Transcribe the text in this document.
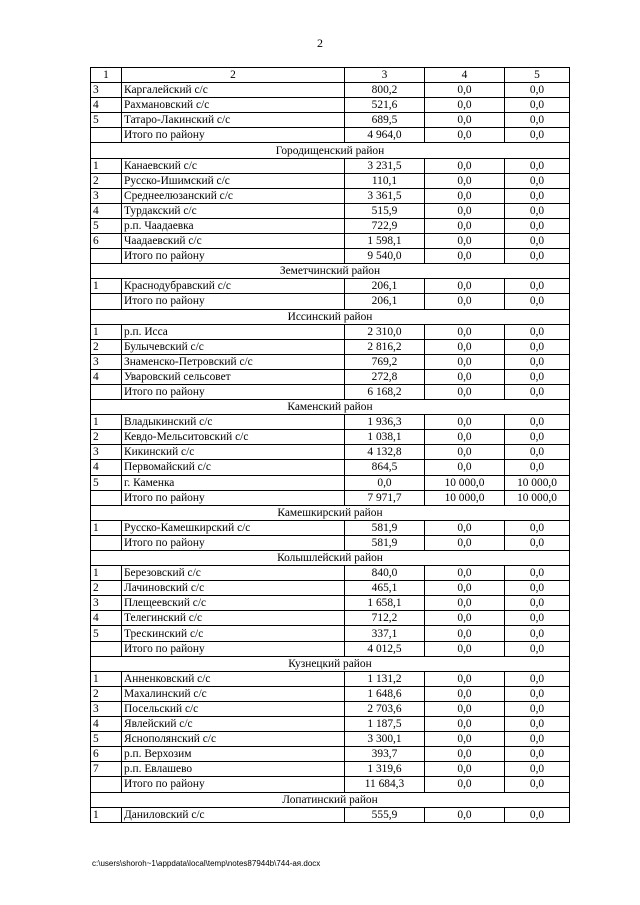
2
1	2	3	4	5
3	Каргалейский с/с	800,2	0,0	0,0
4	Рахмановский с/с	521,6	0,0	0,0
5	Татаро-Лакинский с/с	689,5	0,0	0,0
	Итого по району	4 964,0	0,0	0,0
Городищенский район				
1	Канаевский с/с	3 231,5	0,0	0,0
2	Русско-Ишимский с/с	110,1	0,0	0,0
3	Среднеелюзанский с/с	3 361,5	0,0	0,0
4	Турдакский с/с	515,9	0,0	0,0
5	р.п. Чаадаевка	722,9	0,0	0,0
6	Чаадаевский с/с	1 598,1	0,0	0,0
	Итого по району	9 540,0	0,0	0,0
Земетчинский район				
1	Краснодубравский с/с	206,1	0,0	0,0
	Итого по району	206,1	0,0	0,0
Иссинский район				
1	р.п. Исса	2 310,0	0,0	0,0
2	Булычевский с/с	2 816,2	0,0	0,0
3	Знаменско-Петровский с/с	769,2	0,0	0,0
4	Уваровский сельсовет	272,8	0,0	0,0
	Итого по району	6 168,2	0,0	0,0
Каменский район				
1	Владыкинский с/с	1 936,3	0,0	0,0
2	Кевдо-Мельситовский с/с	1 038,1	0,0	0,0
3	Кикинский с/с	4 132,8	0,0	0,0
4	Первомайский с/с	864,5	0,0	0,0
5	г. Каменка	0,0	10 000,0	10 000,0
	Итого по району	7 971,7	10 000,0	10 000,0
Камешкирский район				
1	Русско-Камешкирский с/с	581,9	0,0	0,0
	Итого по району	581,9	0,0	0,0
Колышлейский район				
1	Березовский с/с	840,0	0,0	0,0
2	Лачиновский с/с	465,1	0,0	0,0
3	Плещеевский с/с	1 658,1	0,0	0,0
4	Телегинский с/с	712,2	0,0	0,0
5	Трескинский с/с	337,1	0,0	0,0
	Итого по району	4 012,5	0,0	0,0
Кузнецкий район				
1	Анненковский с/с	1 131,2	0,0	0,0
2	Махалинский с/с	1 648,6	0,0	0,0
3	Посельский с/с	2 703,6	0,0	0,0
4	Явлейский с/с	1 187,5	0,0	0,0
5	Яснополянский с/с	3 300,1	0,0	0,0
6	р.п. Верхозим	393,7	0,0	0,0
7	р.п. Евлашево	1 319,6	0,0	0,0
	Итого по району	11 684,3	0,0	0,0
Лопатинский район				
1	Даниловский с/с	555,9	0,0	0,0
c:\users\shoroh~1\appdata\local\temp\notes87944b\744-ая.docx
